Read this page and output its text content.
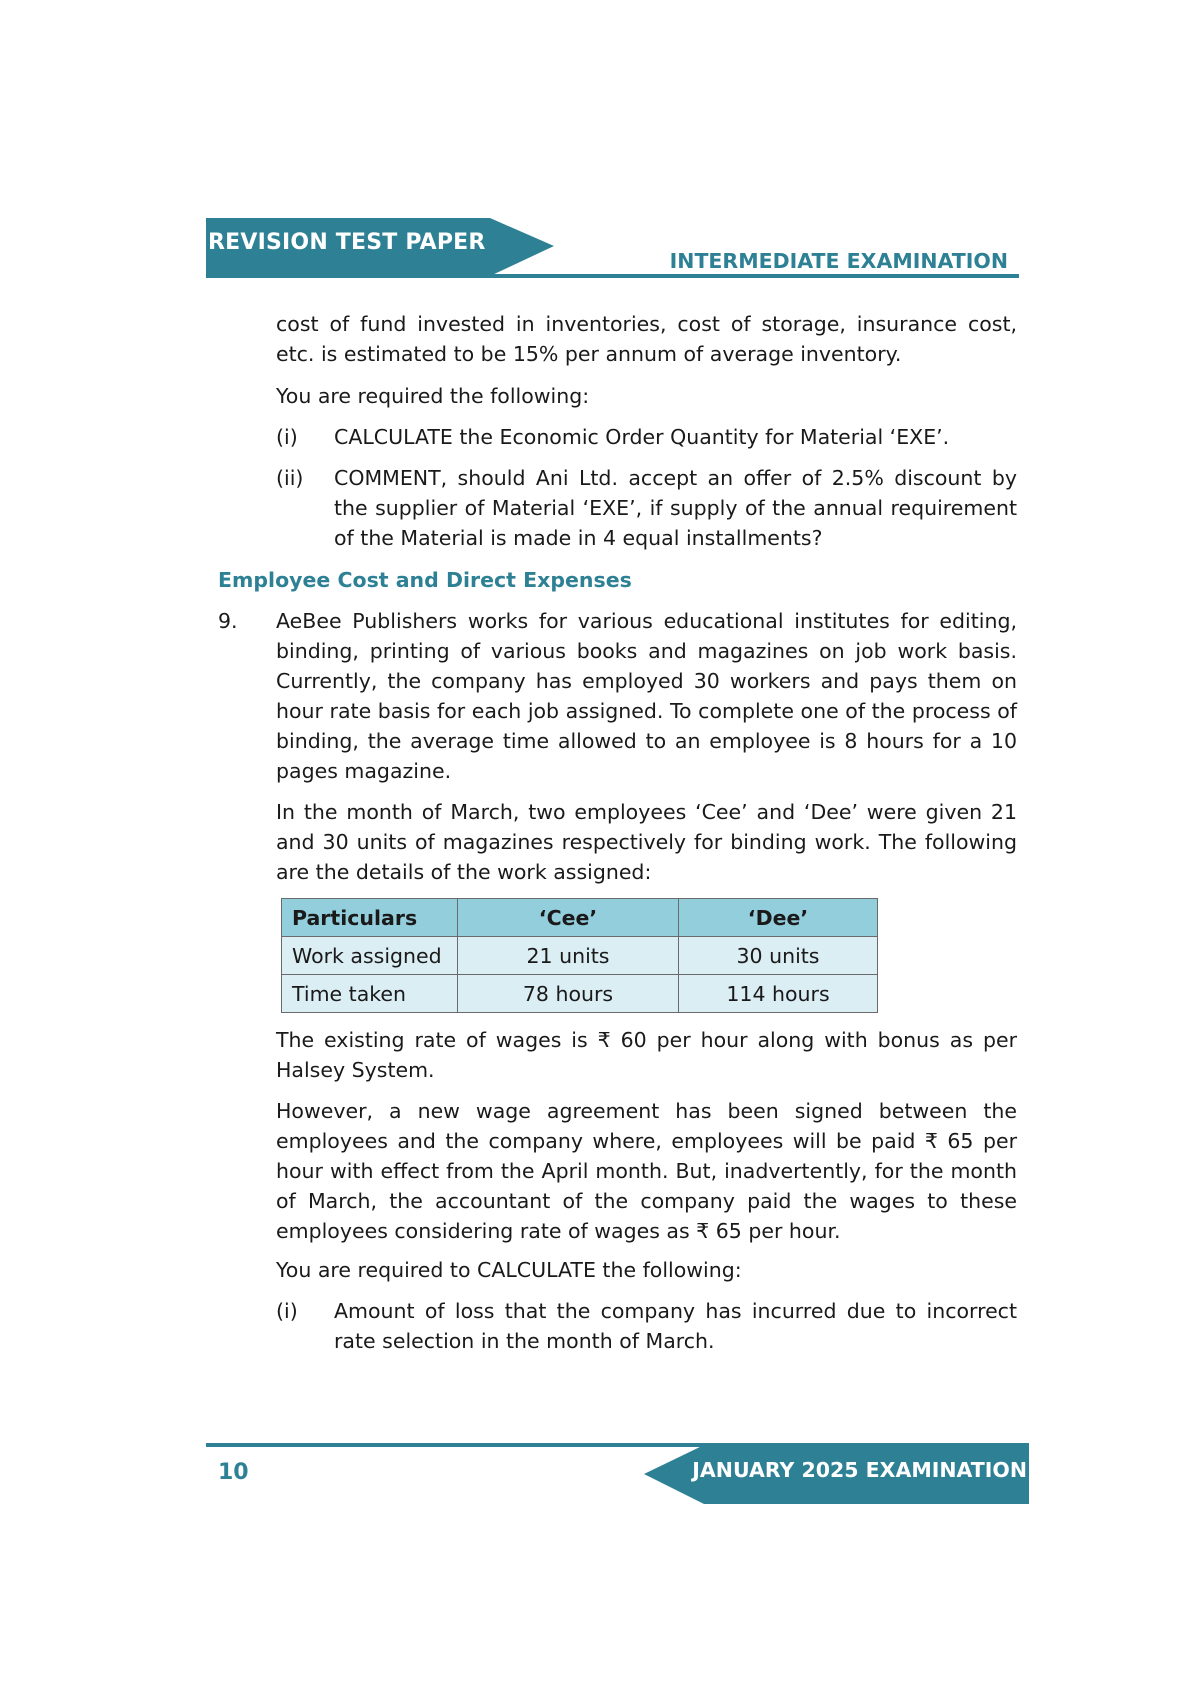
REVISION TEST PAPER
INTERMEDIATE EXAMINATION

cost of fund invested in inventories, cost of storage, insurance cost, etc. is estimated to be 15% per annum of average inventory.

You are required the following:

(i) CALCULATE the Economic Order Quantity for Material ‘EXE’.
(ii) COMMENT, should Ani Ltd. accept an offer of 2.5% discount by the supplier of Material ‘EXE’, if supply of the annual requirement of the Material is made in 4 equal installments?
Employee Cost and Direct Expenses
9. AeBee Publishers works for various educational institutes for editing, binding, printing of various books and magazines on job work basis. Currently, the company has employed 30 workers and pays them on hour rate basis for each job assigned. To complete one of the process of binding, the average time allowed to an employee is 8 hours for a 10 pages magazine.

In the month of March, two employees ‘Cee’ and ‘Dee’ were given 21 and 30 units of magazines respectively for binding work. The following are the details of the work assigned:

Particulars	‘Cee’	‘Dee’
Work assigned	21 units	30 units
Time taken	78 hours	114 hours

The existing rate of wages is ₹ 60 per hour along with bonus as per Halsey System.

However, a new wage agreement has been signed between the employees and the company where, employees will be paid ₹ 65 per hour with effect from the April month. But, inadvertently, for the month of March, the accountant of the company paid the wages to these employees considering rate of wages as ₹ 65 per hour.

You are required to CALCULATE the following:

(i) Amount of loss that the company has incurred due to incorrect rate selection in the month of March.
10	JANUARY 2025 EXAMINATION
